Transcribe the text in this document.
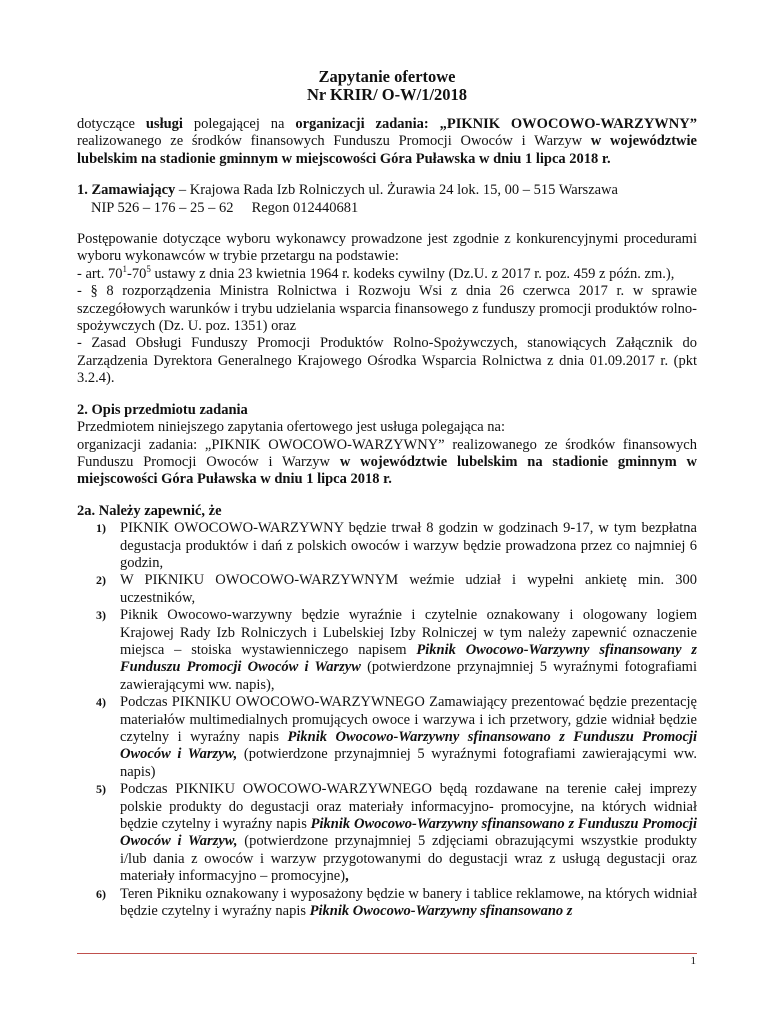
Zapytanie ofertowe

Nr KRIR/ O-W/1/2018

dotyczące usługi polegającej na organizacji zadania: „PIKNIK OWOCOWO-WARZYWNY” realizowanego ze środków finansowych Funduszu Promocji Owoców i Warzyw w województwie lubelskim na stadionie gminnym w miejscowości Góra Puławska w dniu 1 lipca 2018 r.

1. Zamawiający – Krajowa Rada Izb Rolniczych ul. Żurawia 24 lok. 15, 00 – 515 Warszawa

NIP 526 – 176 – 25 – 62     Regon 012440681

Postępowanie dotyczące wyboru wykonawcy prowadzone jest zgodnie z konkurencyjnymi procedurami wyboru wykonawców w trybie przetargu na podstawie:

- art. $70^1-70^5$ ustawy z dnia 23 kwietnia 1964 r. kodeks cywilny (Dz.U. z 2017 r. poz. 459 z późn. zm.),

- § 8 rozporządzenia Ministra Rolnictwa i Rozwoju Wsi z dnia 26 czerwca 2017 r. w sprawie szczegółowych warunków i trybu udzielania wsparcia finansowego z funduszy promocji produktów rolno-spożywczych (Dz. U. poz. 1351) oraz

- Zasad Obsługi Funduszy Promocji Produktów Rolno-Spożywczych, stanowiących Załącznik do Zarządzenia Dyrektora Generalnego Krajowego Ośrodka Wsparcia Rolnictwa z dnia 01.09.2017 r. (pkt 3.2.4).

2. Opis przedmiotu zadania

Przedmiotem niniejszego zapytania ofertowego jest usługa polegająca na:

organizacji zadania: „PIKNIK OWOCOWO-WARZYWNY” realizowanego ze środków finansowych Funduszu Promocji Owoców i Warzyw w województwie lubelskim na stadionie gminnym w miejscowości Góra Puławska w dniu 1 lipca 2018 r.

2a. Należy zapewnić, że

1) PIKNIK OWOCOWO-WARZYWNY będzie trwał 8 godzin w godzinach 9-17, w tym bezpłatna degustacja produktów i dań z polskich owoców i warzyw będzie prowadzona przez co najmniej 6 godzin,
2) W PIKNIKU OWOCOWO-WARZYWNYM weźmie udział i wypełni ankietę min. 300 uczestników,
3) Piknik Owocowo-warzywny będzie wyraźnie i czytelnie oznakowany i ologowany logiem Krajowej Rady Izb Rolniczych i Lubelskiej Izby Rolniczej w tym należy zapewnić oznaczenie miejsca – stoiska wystawienniczego napisem Piknik Owocowo-Warzywny sfinansowany z Funduszu Promocji Owoców i Warzyw (potwierdzone przynajmniej 5 wyraźnymi fotografiami zawierającymi ww. napis),
4) Podczas PIKNIKU OWOCOWO-WARZYWNEGO Zamawiający prezentować będzie prezentację materiałów multimedialnych promujących owoce i warzywa i ich przetwory, gdzie widniał będzie czytelny i wyraźny napis Piknik Owocowo-Warzywny sfinansowano z Funduszu Promocji Owoców i Warzyw, (potwierdzone przynajmniej 5 wyraźnymi fotografiami zawierającymi ww. napis)
5) Podczas PIKNIKU OWOCOWO-WARZYWNEGO będą rozdawane na terenie całej imprezy polskie produkty do degustacji oraz materiały informacyjno- promocyjne, na których widniał będzie czytelny i wyraźny napis Piknik Owocowo-Warzywny sfinansowano z Funduszu Promocji Owoców i Warzyw, (potwierdzone przynajmniej 5 zdjęciami obrazującymi wszystkie produkty i/lub dania z owoców i warzyw przygotowanymi do degustacji wraz z usługą degustacji oraz materiały informacyjno – promocyjne),
6) Teren Pikniku oznakowany i wyposażony będzie w banery i tablice reklamowe, na których widniał będzie czytelny i wyraźny napis Piknik Owocowo-Warzywny sfinansowano z
1
